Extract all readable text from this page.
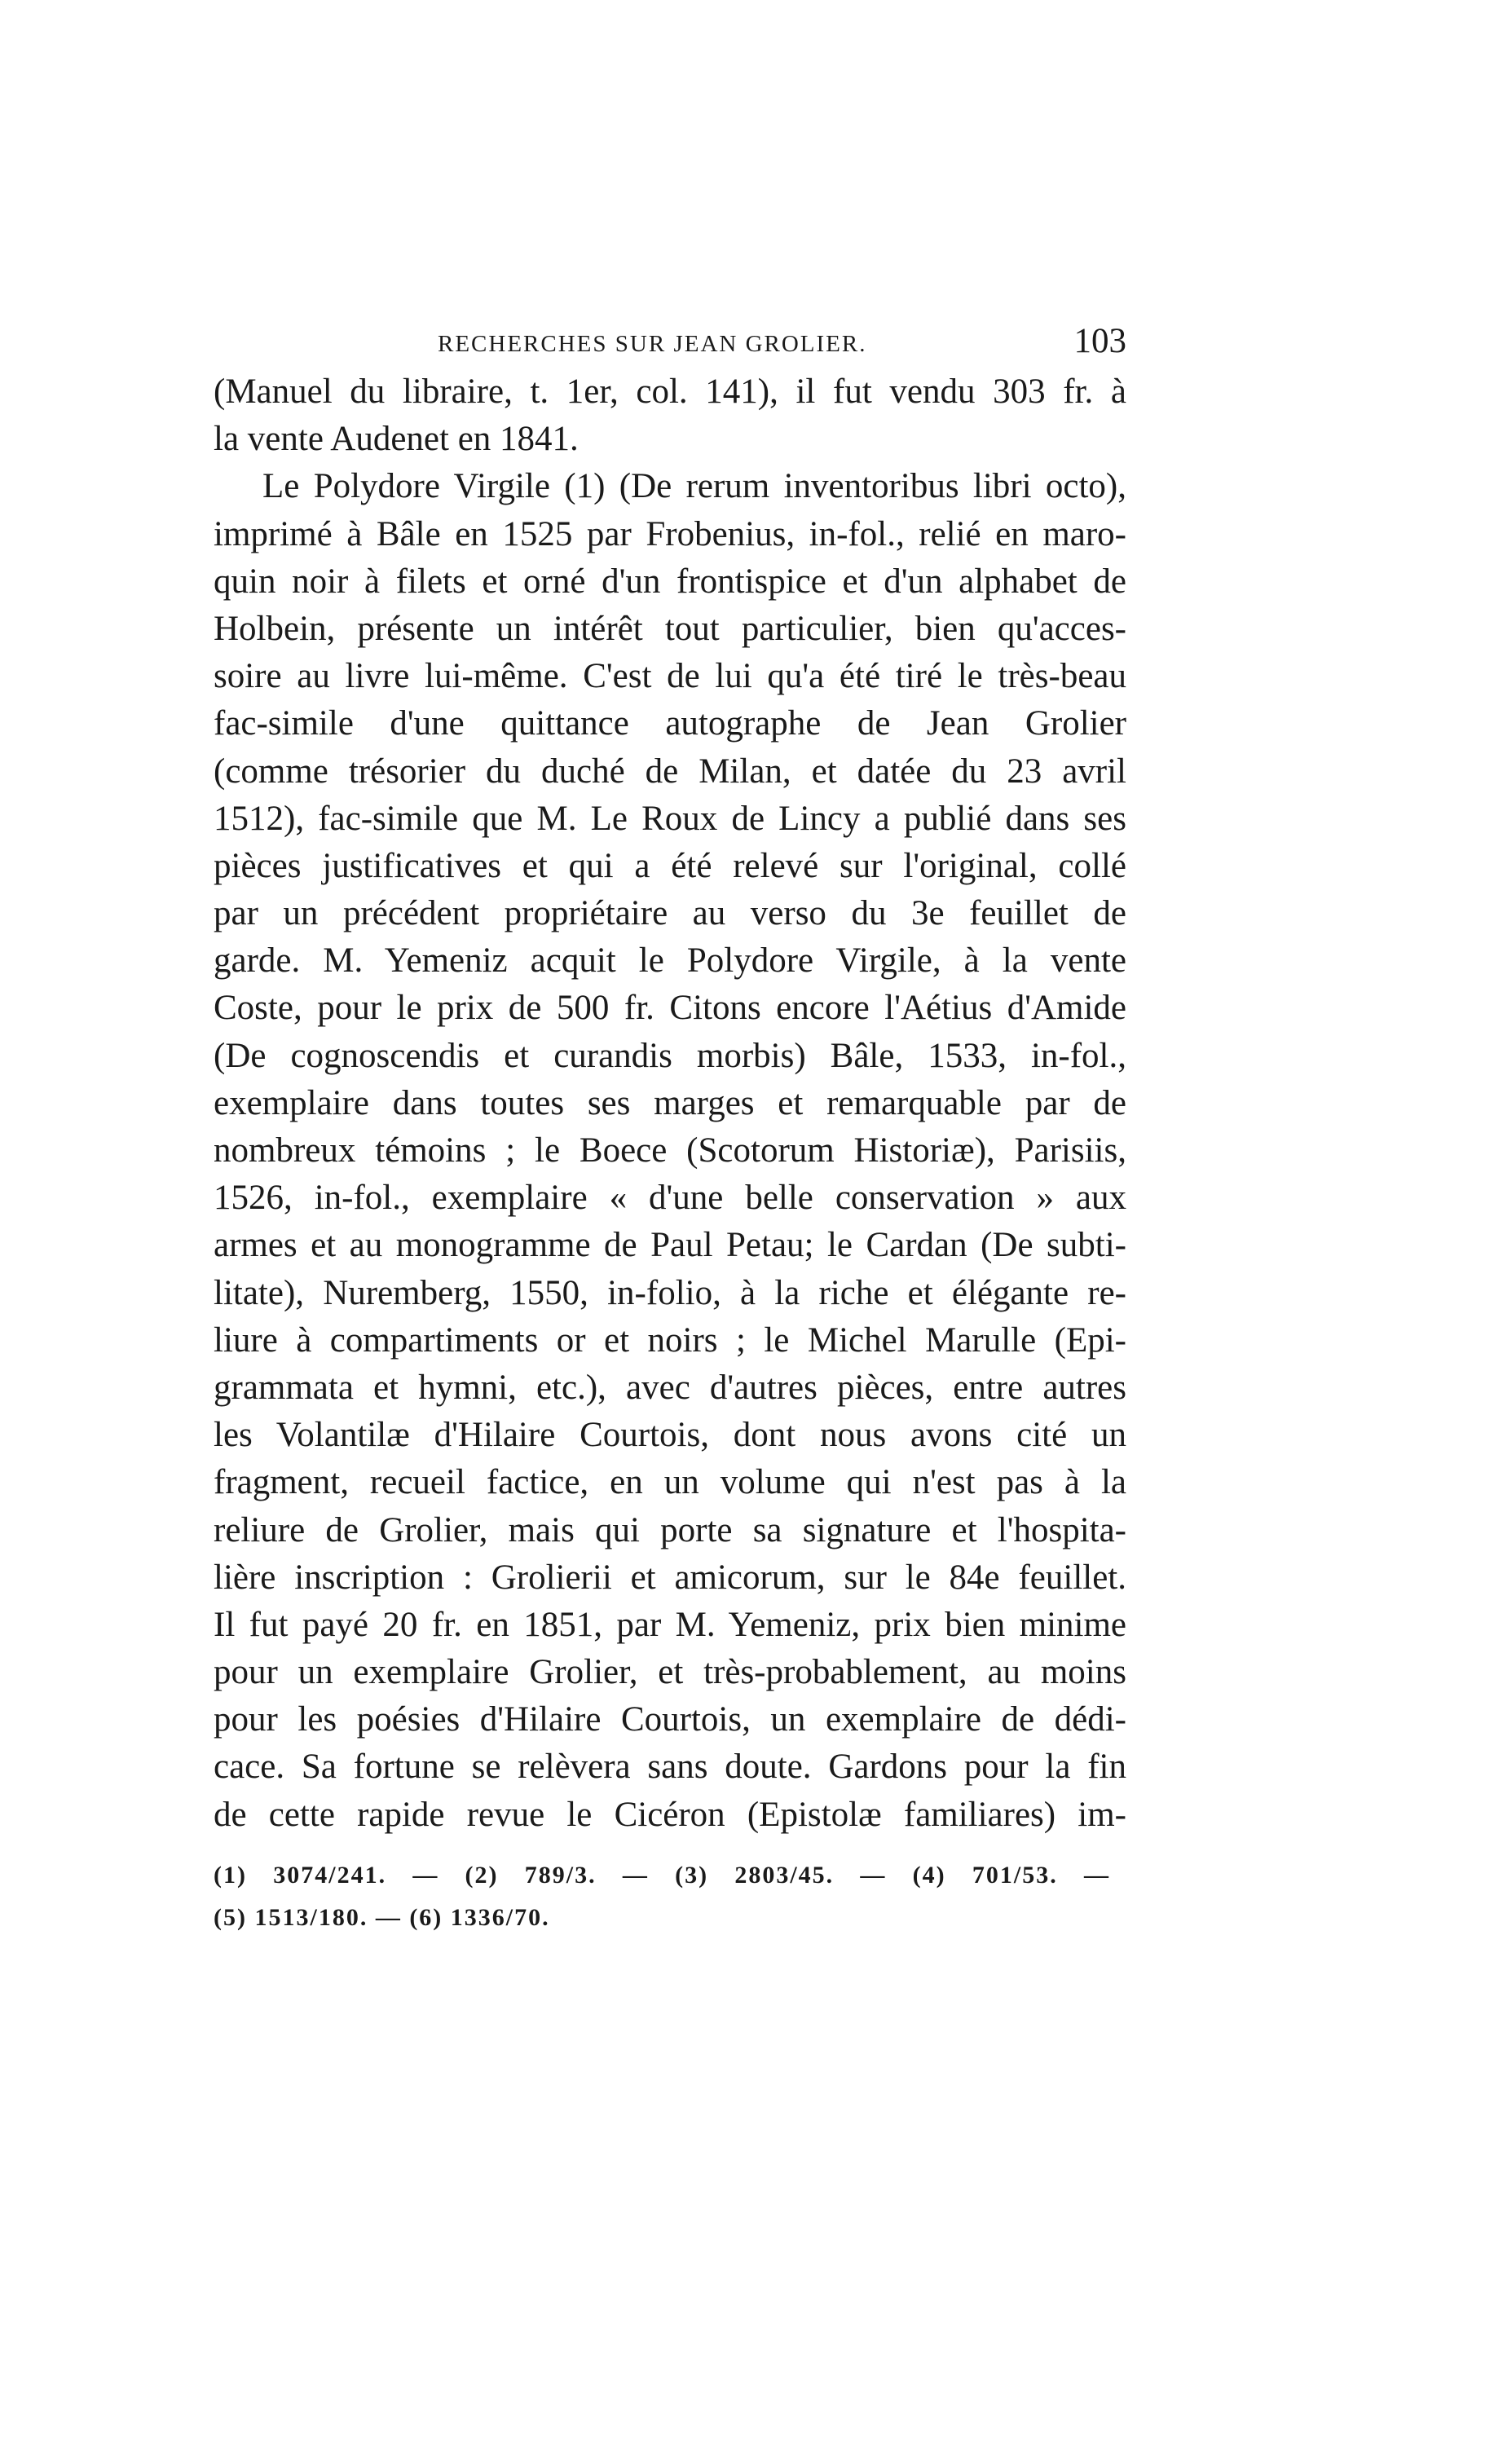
RECHERCHES SUR JEAN GROLIER.	103
(Manuel du libraire, t. 1er, col. 141), il fut vendu 303 fr. à
la vente Audenet en 1841.
Le Polydore Virgile (1) (De rerum inventoribus libri octo),
imprimé à Bâle en 1525 par Frobenius, in-fol., relié en maro-
quin noir à filets et orné d'un frontispice et d'un alphabet de
Holbein, présente un intérêt tout particulier, bien qu'acces-
soire au livre lui-même. C'est de lui qu'a été tiré le très-beau
fac-simile d'une quittance autographe de Jean Grolier
(comme trésorier du duché de Milan, et datée du 23 avril
1512), fac-simile que M. Le Roux de Lincy a publié dans ses
pièces justificatives et qui a été relevé sur l'original, collé
par un précédent propriétaire au verso du 3e feuillet de
garde. M. Yemeniz acquit le Polydore Virgile, à la vente
Coste, pour le prix de 500 fr. Citons encore l'Aétius d'Amide
(De cognoscendis et curandis morbis) Bâle, 1533, in-fol.,
exemplaire dans toutes ses marges et remarquable par de
nombreux témoins ; le Boece (Scotorum Historiæ), Parisiis,
1526, in-fol., exemplaire « d'une belle conservation » aux
armes et au monogramme de Paul Petau; le Cardan (De subti-
litate), Nuremberg, 1550, in-folio, à la riche et élégante re-
liure à compartiments or et noirs ; le Michel Marulle (Epi-
grammata et hymni, etc.), avec d'autres pièces, entre autres
les Volantilæ d'Hilaire Courtois, dont nous avons cité un
fragment, recueil factice, en un volume qui n'est pas à la
reliure de Grolier, mais qui porte sa signature et l'hospita-
lière inscription : Grolierii et amicorum, sur le 84e feuillet.
Il fut payé 20 fr. en 1851, par M. Yemeniz, prix bien minime
pour un exemplaire Grolier, et très-probablement, au moins
pour les poésies d'Hilaire Courtois, un exemplaire de dédi-
cace. Sa fortune se relèvera sans doute. Gardons pour la fin
de cette rapide revue le Cicéron (Epistolæ familiares) im-
(1) 3074/241. — (2) 789/3. — (3) 2803/45. — (4) 701/53. —
(5) 1513/180. — (6) 1336/70.
